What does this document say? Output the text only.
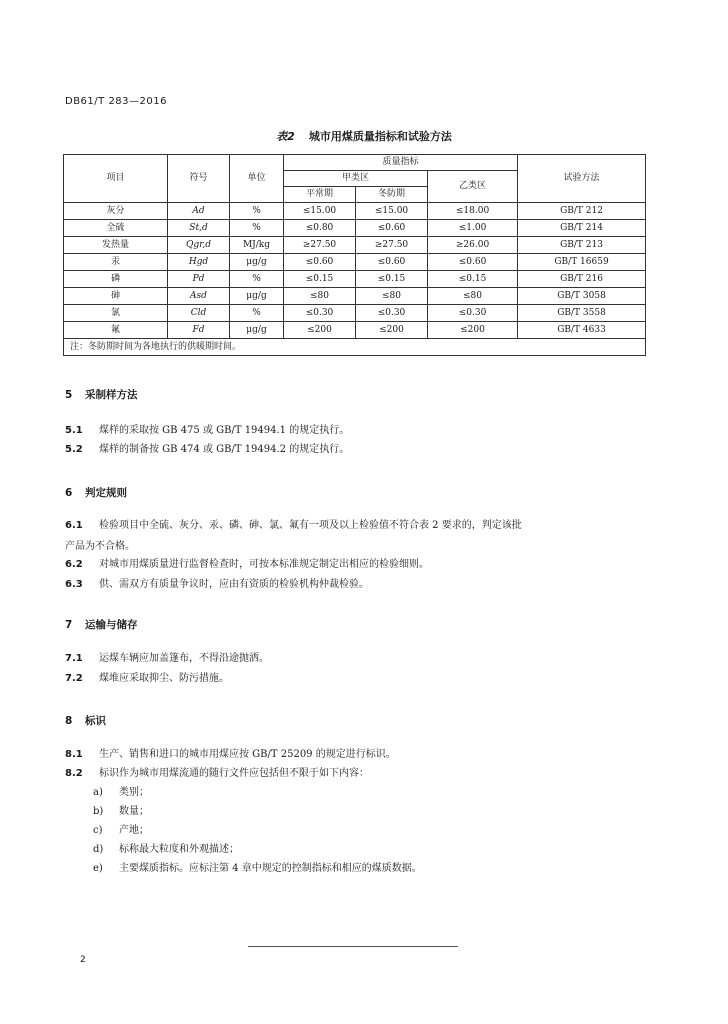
DB61/T 283—2016
表2 城市用煤质量指标和试验方法
项目	符号	单位	质量指标			试验方法
			甲类区		乙类区	
			平常期	冬防期		
灰分	Ad	%	≤15.00	≤15.00	≤18.00	GB/T 212
全硫	St,d	%	≤0.80	≤0.60	≤1.00	GB/T 214
发热量	Qgr,d	MJ/kg	≥27.50	≥27.50	≥26.00	GB/T 213
汞	Hgd	μg/g	≤0.60	≤0.60	≤0.60	GB/T 16659
磷	Pd	%	≤0.15	≤0.15	≤0.15	GB/T 216
砷	Asd	μg/g	≤80	≤80	≤80	GB/T 3058
氯	Cld	%	≤0.30	≤0.30	≤0.30	GB/T 3558
氟	Fd	μg/g	≤200	≤200	≤200	GB/T 4633
注：冬防期时间为各地执行的供暖期时间。						
5 采制样方法
5.1 煤样的采取按 GB 475 或 GB/T 19494.1 的规定执行。
5.2 煤样的制备按 GB 474 或 GB/T 19494.2 的规定执行。
6 判定规则
6.1 检验项目中全硫、灰分、汞、磷、砷、氯、氟有一项及以上检验值不符合表 2 要求的，判定该批
产品为不合格。
6.2 对城市用煤质量进行监督检查时，可按本标准规定制定出相应的检验细则。
6.3 供、需双方有质量争议时，应由有资质的检验机构仲裁检验。
7 运输与储存
7.1 运煤车辆应加盖篷布，不得沿途抛洒。
7.2 煤堆应采取抑尘、防污措施。
8 标识
8.1 生产、销售和进口的城市用煤应按 GB/T 25209 的规定进行标识。
8.2 标识作为城市用煤流通的随行文件应包括但不限于如下内容：
a) 类别；
b) 数量；
c) 产地；
d) 标称最大粒度和外观描述；
e) 主要煤质指标。应标注第 4 章中规定的控制指标和相应的煤质数据。
2
